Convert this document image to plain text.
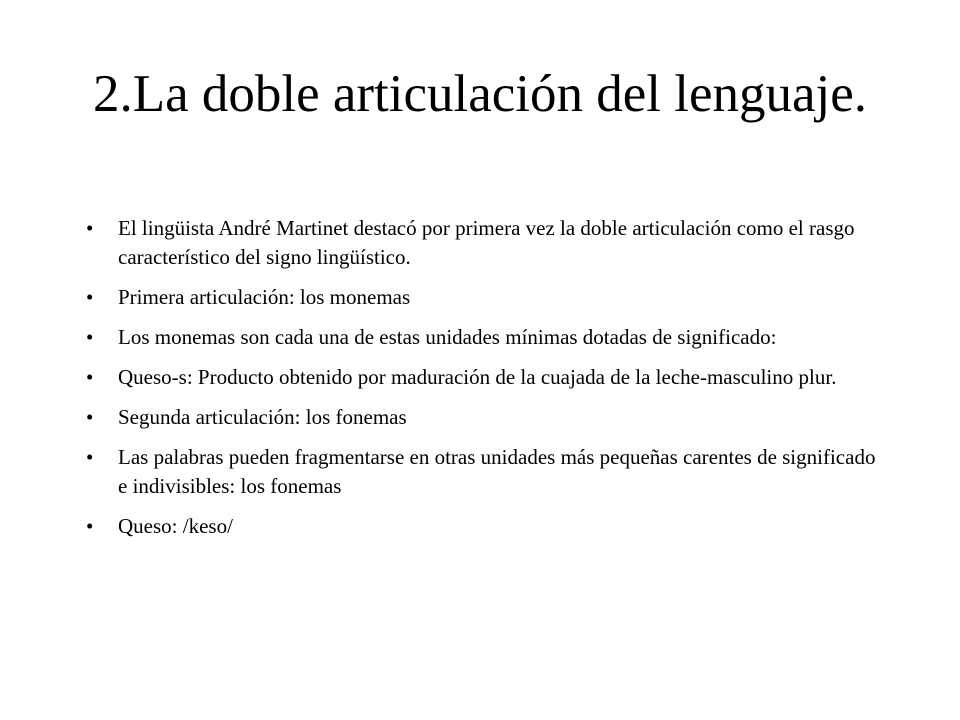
2.La doble articulación del lenguaje.
•	El lingüista André Martinet destacó por primera vez la doble articulación como el rasgo característico del signo lingüístico.
•	Primera articulación: los monemas
•	Los monemas son cada una de estas unidades mínimas dotadas de significado:
•	Queso-s: Producto obtenido por maduración de la cuajada de la leche-masculino plur.
•	Segunda articulación: los fonemas
•	Las palabras pueden fragmentarse en otras unidades más pequeñas carentes de significado e indivisibles: los fonemas
•	Queso: /keso/
